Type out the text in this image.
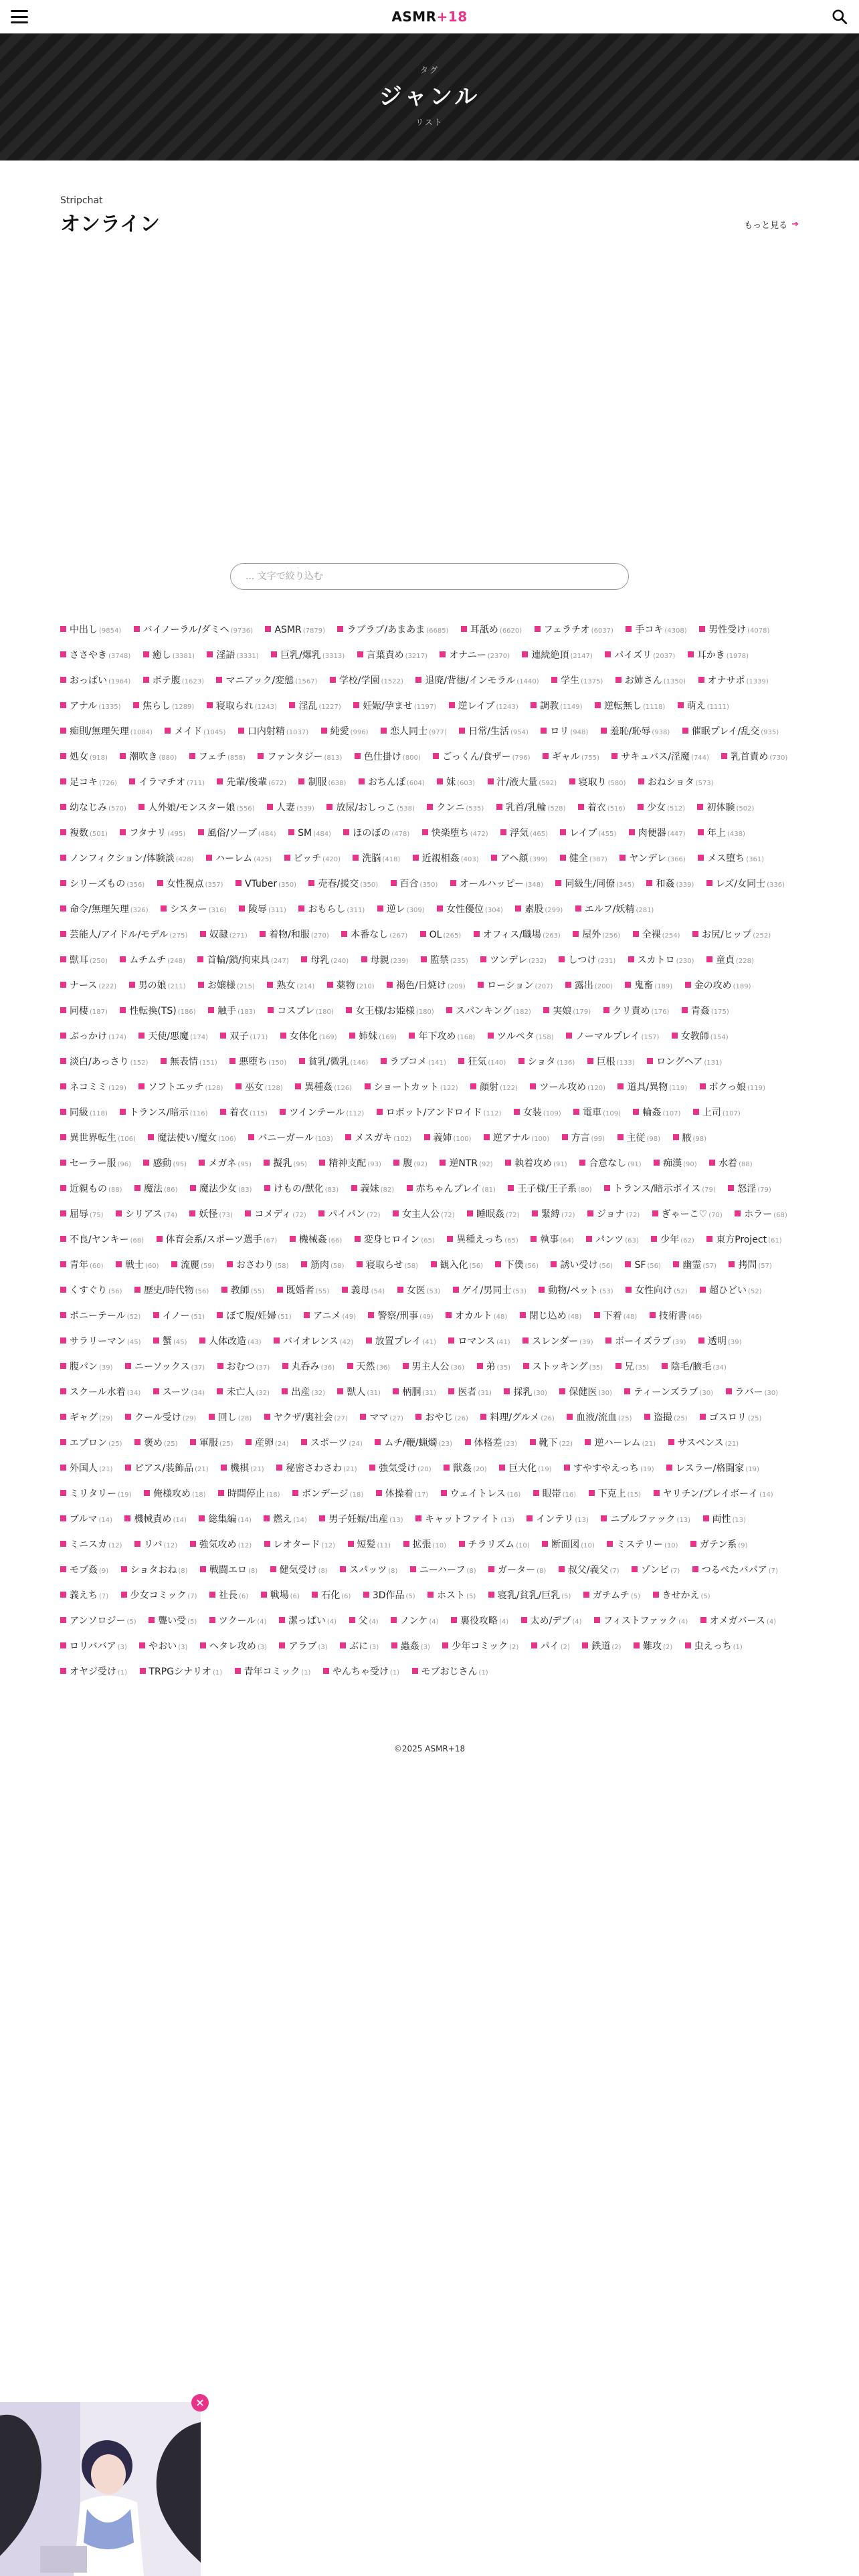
ASMR+18
タグ
ジャンル
リスト
Stripchat
オンライン	もっと見る ➔
... 文字で絞り込む
中出し (9854) バイノーラル/ダミヘ (9736) ASMR (7879) ラブラブ/あまあま (6685) 耳舐め (6620) フェラチオ (6037) 手コキ (4308) 男性受け (4078) ささやき (3748) 癒し (3381) 淫語 (3331) 巨乳/爆乳 (3313) 言葉責め (3217) オナニー (2370) 連続絶頂 (2147) パイズリ (2037) 耳かき (1978) おっぱい (1964) ボテ腹 (1623) マニアック/変態 (1567) 学校/学園 (1522) 退廃/背徳/インモラル (1440) 学生 (1375) お姉さん (1350) オナサポ (1339) アナル (1335) 焦らし (1289) 寝取られ (1243) 淫乱 (1227) 妊娠/孕ませ (1197) 逆レイプ (1243) 調教 (1149) 逆転無し (1118) 萌え (1111) 痴則/無理矢理 (1084) メイド (1045) 口内射精 (1037) 純愛 (996) 恋人同士 (977) 日常/生活 (954) ロリ (948) 羞恥/恥辱 (938) 催眠プレイ/乱交 (935) 処女 (918) 潮吹き (880) フェチ (858) ファンタジー (813) 色仕掛け (800) ごっくん/食ザー (796) ギャル (755) サキュバス/淫魔 (744) 乳首責め (730) 足コキ (726) イラマチオ (711) 先輩/後輩 (672) 制服 (638) おちんぽ (604) 妹 (603) 汁/液大量 (592) 寝取り (580) おねショタ (573) 幼なじみ (570) 人外娘/モンスター娘 (556) 人妻 (539) 放尿/おしっこ (538) クンニ (535) 乳首/乳輪 (528) 着衣 (516) 少女 (512) 初体験 (502) 複数 (501) フタナリ (495) 風俗/ソープ (484) SM (484) ほのぼの (478) 快楽堕ち (472) 浮気 (465) レイプ (455) 肉便器 (447) 年上 (438) ノンフィクション/体験談 (428) ハーレム (425) ビッチ (420) 洗脳 (418) 近親相姦 (403) アヘ顔 (399) 健全 (387) ヤンデレ (366) メス堕ち (361) シリーズもの (356) 女性視点 (357) VTuber (350) 売春/援交 (350) 百合 (350) オールハッピー (348) 同級生/同僚 (345) 和姦 (339) レズ/女同士 (336) 命令/無理矢理 (326) シスター (316) 陵辱 (311) おもらし (311) 逆レ (309) 女性優位 (304) 素股 (299) エルフ/妖精 (281) 芸能人/アイドル/モデル (275) 奴隷 (271) 着物/和服 (270) 本番なし (267) OL (265) オフィス/職場 (263) 屋外 (256) 全裸 (254) お尻/ヒップ (252) 獣耳 (250) ムチムチ (248) 首輪/鎖/拘束具 (247) 母乳 (240) 母親 (239) 監禁 (235) ツンデレ (232) しつけ (231) スカトロ (230) 童貞 (228) ナース (222) 男の娘 (211) お嬢様 (215) 熟女 (214) 薬物 (210) 褐色/日焼け (209) ローション (207) 露出 (200) 鬼畜 (189) 金の攻め (189) 同棲 (187) 性転換(TS) (186) 触手 (183) コスプレ (180) 女王様/お姫様 (180) スパンキング (182) 実娘 (179) クリ責め (176) 青姦 (175) ぶっかけ (174) 天使/悪魔 (174) 双子 (171) 女体化 (169) 姉妹 (169) 年下攻め (168) ツルペタ (158) ノーマルプレイ (157) 女教師 (154) 淡白/あっさり (152) 無表情 (151) 悪堕ち (150) 貧乳/微乳 (146) ラブコメ (141) 狂気 (140) ショタ (136) 巨根 (133) ロングヘア (131) ネコミミ (129) ソフトエッチ (128) 巫女 (128) 異種姦 (126) ショートカット (122) 顔射 (122) ツール攻め (120) 道具/異物 (119) ボクっ娘 (119) 同級 (118) トランス/暗示 (116) 着衣 (115) ツインテール (112) ロボット/アンドロイド (112) 女装 (109) 電車 (109) 輪姦 (107) 上司 (107) 異世界転生 (106) 魔法使い/魔女 (106) バニーガール (103) メスガキ (102) 義姉 (100) 逆アナル (100) 方言 (99) 主従 (98) 腋 (98) セーラー服 (96) 感動 (95) メガネ (95) 擬乳 (95) 精神支配 (93) 腹 (92) 逆NTR (92) 執着攻め (91) 合意なし (91) 痴漢 (90) 水着 (88) 近親もの (88) 魔法 (86) 魔法少女 (83) けもの/獣化 (83) 義妹 (82) 赤ちゃんプレイ (81) 王子様/王子系 (80) トランス/暗示ボイス (79) 怒淫 (79) 屈辱 (75) シリアス (74) 妖怪 (73) コメディ (72) パイパン (72) 女主人公 (72) 睡眠姦 (72) 緊縛 (72) ジョナ (72) ぎゃーこ♡ (70) ホラー (68) 不良/ヤンキー (68) 体育会系/スポーツ選手 (67) 機械姦 (66) 変身ヒロイン (65) 異種えっち (65) 執事 (64) パンツ (63) 少年 (62) 東方Project (61) 青年 (60) 戦士 (60) 流麗 (59) おさわり (58) 筋肉 (58) 寝取らせ (58) 観入化 (56) 下僕 (56) 誘い受け (56) SF (56) 幽霊 (57) 拷問 (57) くすぐり (56) 歴史/時代物 (56) 教師 (55) 既婚者 (55) 義母 (54) 女医 (53) ゲイ/男同士 (53) 動物/ペット (53) 女性向け (52) 超ひどい (52) ポニーテール (52) イノー (51) ぼて腹/妊婦 (51) アニメ (49) 警察/刑事 (49) オカルト (48) 閉じ込め (48) 下着 (48) 技術書 (46) サラリーマン (45) 蟹 (45) 人体改造 (43) バイオレンス (42) 放置プレイ (41) ロマンス (41) スレンダー (39) ボーイズラブ (39) 透明 (39) 腹パン (39) ニーソックス (37) おむつ (37) 丸呑み (36) 天然 (36) 男主人公 (36) 弟 (35) ストッキング (35) 兄 (35) 陰毛/腋毛 (34) スクール水着 (34) スーツ (34) 未亡人 (32) 出産 (32) 獣人 (31) 柄胴 (31) 医者 (31) 採乳 (30) 保健医 (30) ティーンズラブ (30) ラバー (30) ギャグ (29) クール受け (29) 回し (28) ヤクザ/裏社会 (27) ママ (27) おやじ (26) 料理/グルメ (26) 血液/流血 (25) 盗撮 (25) ゴスロリ (25) エプロン (25) 褒め (25) 軍服 (25) 産卵 (24) スポーツ (24) ムチ/鞭/蝋燭 (23) 体格差 (23) 靴下 (22) 逆ハーレム (21) サスペンス (21) 外国人 (21) ピアス/装飾品 (21) 機棋 (21) 秘密さわさわ (21) 強気受け (20) 獣姦 (20) 巨大化 (19) すやすやえっち (19) レスラー/格闘家 (19) ミリタリー (19) 俺様攻め (18) 時間停止 (18) ボンデージ (18) 体操着 (17) ウェイトレス (16) 眼帯 (16) 下克上 (15) ヤリチン/プレイボーイ (14) ブルマ (14) 機械責め (14) 総集編 (14) 燃え (14) 男子妊娠/出産 (13) キャットファイト (13) インテリ (13) ニプルファック (13) 両性 (13) ミニスカ (12) リバ (12) 強気攻め (12) レオタード (12) 短髪 (11) 拡張 (10) チラリズム (10) 断面図 (10) ミステリー (10) ガテン系 (9) モブ姦 (9) ショタおね (8) 戦闘エロ (8) 健気受け (8) スパッツ (8) ニーハーフ (8) ガーター (8) 叔父/義父 (7) ゾンビ (7) つるぺたバパア (7) 義えち (7) 少女コミック (7) 社長 (6) 戦場 (6) 石化 (6) 3D作品 (5) ホスト (5) 寝乳/貧乳/巨乳 (5) ガチムチ (5) きせかえ (5) アンソロジー (5) 聾い受 (5) ツクール (4) 潔っぱい (4) 父 (4) ノンケ (4) 裏役攻略 (4) 太め/デブ (4) フィストファック (4) オメガバース (4) ロリババア (3) やおい (3) ヘタレ攻め (3) アラブ (3) ぶに (3) 蟲姦 (3) 少年コミック (2) パイ (2) 鉄道 (2) 難攻 (2) 虫えっち (1) オヤジ受け (1) TRPGシナリオ (1) 青年コミック (1) やんちゃ受け (1) モブおじさん (1)
©2025 ASMR+18
×
